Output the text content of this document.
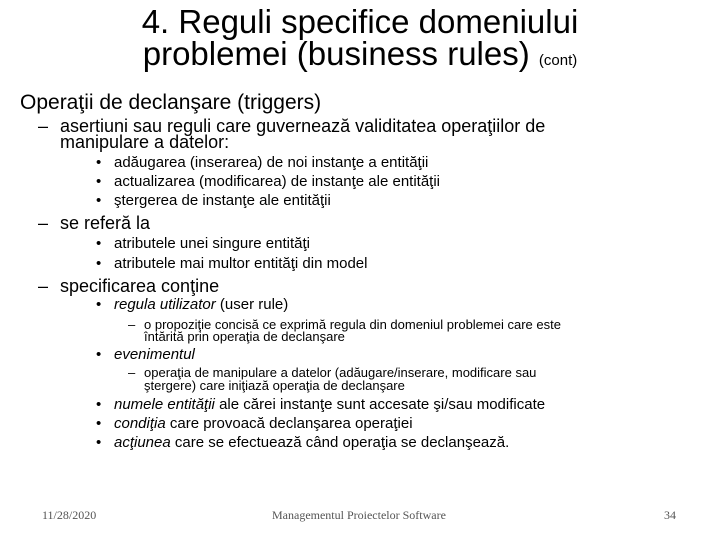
4. Reguli specifice domeniului
problemei (business rules) (cont)
Operaţii de declanşare (triggers)
– asertiuni sau reguli care guvernează validitatea operaţiilor de
manipulare a datelor:
• adăugarea (inserarea) de noi instanţe a entităţii
• actualizarea (modificarea) de instanţe ale entităţii
• ştergerea de instanţe ale entităţii
– se referă la
• atributele unei singure entităţi
• atributele mai multor entităţi din model
– specificarea conţine
• regula utilizator (user rule)
– o propoziţie concisă ce exprimă regula din domeniul problemei care este
întărită prin operaţia de declanşare
• evenimentul
– operaţia de manipulare a datelor (adăugare/inserare, modificare sau
ştergere) care iniţiază operaţia de declanşare
• numele entităţii ale cărei instanţe sunt accesate şi/sau modificate
• condiţia care provoacă declanşarea operaţiei
• acţiunea care se efectuează când operaţia se declanşează.
11/28/2020	Managementul Proiectelor Software	34
